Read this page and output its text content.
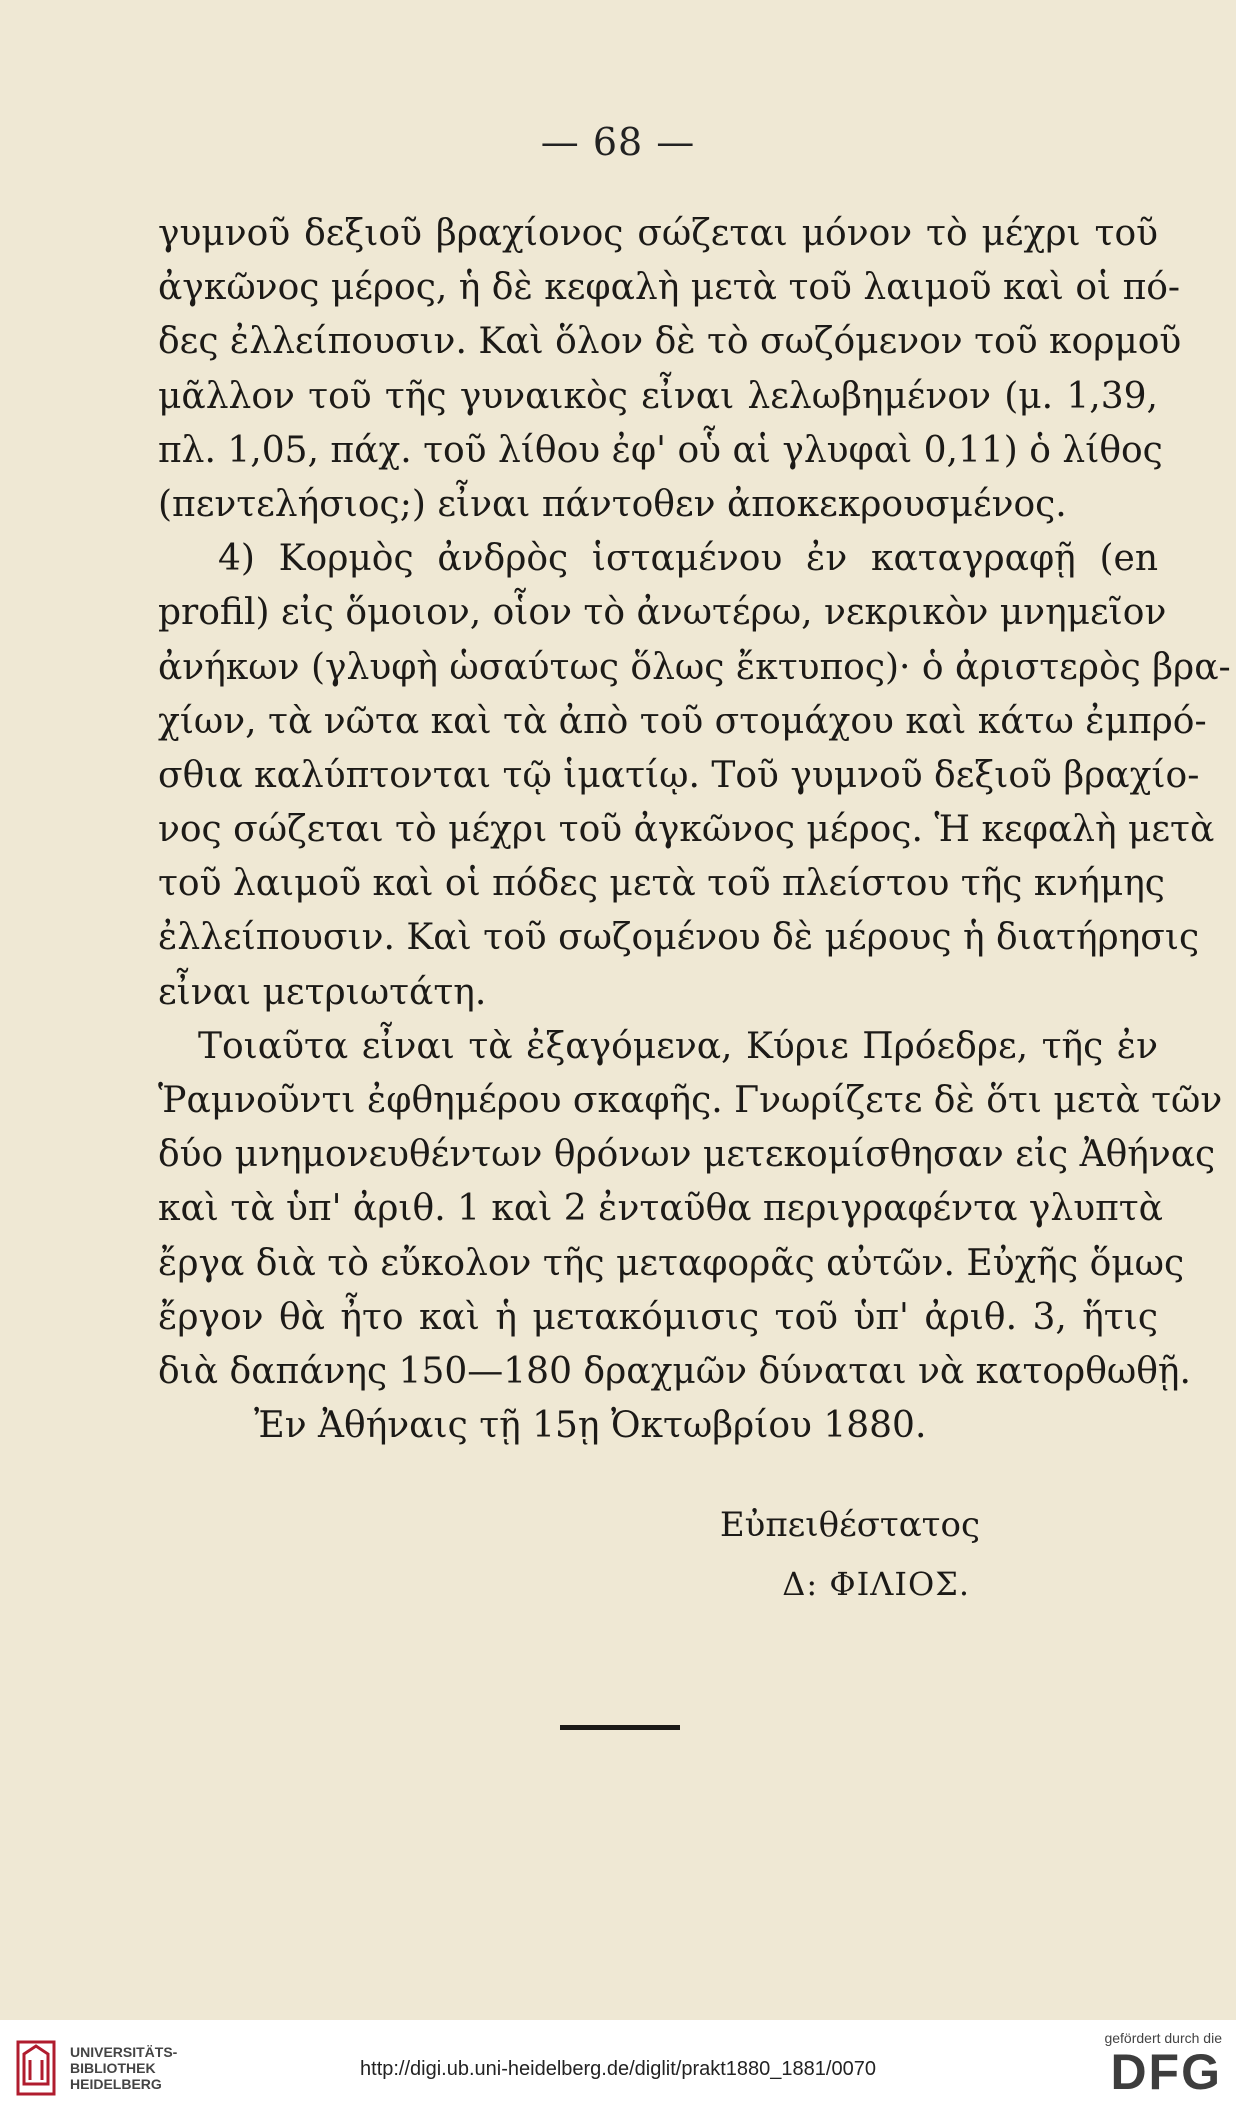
— 68 —
γυμνοῦ δεξιοῦ βραχίονος σώζεται μόνον τὸ μέχρι τοῦ
ἀγκῶνος μέρος, ἡ δὲ κεφαλὴ μετὰ τοῦ λαιμοῦ καὶ οἱ πό-
δες ἐλλείπουσιν. Καὶ ὅλον δὲ τὸ σωζόμενον τοῦ κορμοῦ
μᾶλλον τοῦ τῆς γυναικὸς εἶναι λελωβημένον (μ. 1,39,
πλ. 1,05, πάχ. τοῦ λίθου ἐφ' οὗ αἱ γλυφαὶ 0,11) ὁ λίθος
(πεντελήσιος;) εἶναι πάντοθεν ἀποκεκρουσμένος.
4) Κορμὸς ἀνδρὸς ἱσταμένου ἐν καταγραφῇ (en
profil) εἰς ὅμοιον, οἷον τὸ ἀνωτέρω, νεκρικὸν μνημεῖον
ἀνήκων (γλυφὴ ὡσαύτως ὅλως ἔκτυπος)· ὁ ἀριστερὸς βρα-
χίων, τὰ νῶτα καὶ τὰ ἀπὸ τοῦ στομάχου καὶ κάτω ἐμπρό-
σθια καλύπτονται τῷ ἱματίῳ. Τοῦ γυμνοῦ δεξιοῦ βραχίο-
νος σώζεται τὸ μέχρι τοῦ ἀγκῶνος μέρος. Ἡ κεφαλὴ μετὰ
τοῦ λαιμοῦ καὶ οἱ πόδες μετὰ τοῦ πλείστου τῆς κνήμης
ἐλλείπουσιν. Καὶ τοῦ σωζομένου δὲ μέρους ἡ διατήρησις
εἶναι μετριωτάτη.
Τοιαῦτα εἶναι τὰ ἐξαγόμενα, Κύριε Πρόεδρε, τῆς ἐν
Ῥαμνοῦντι ἐφθημέρου σκαφῆς. Γνωρίζετε δὲ ὅτι μετὰ τῶν
δύο μνημονευθέντων θρόνων μετεκομίσθησαν εἰς Ἀθήνας
καὶ τὰ ὑπ' ἀριθ. 1 καὶ 2 ἐνταῦθα περιγραφέντα γλυπτὰ
ἔργα διὰ τὸ εὔκολον τῆς μεταφορᾶς αὐτῶν. Εὐχῆς ὅμως
ἔργον θὰ ἦτο καὶ ἡ μετακόμισις τοῦ ὑπ' ἀριθ. 3, ἥτις
διὰ δαπάνης 150—180 δραχμῶν δύναται νὰ κατορθωθῇ.
Ἐν Ἀθήναις τῇ 15ῃ Ὀκτωβρίου 1880.
Εὐπειθέστατος
Δ: ΦΙΛΙΟΣ.
UNIVERSITÄTS-
BIBLIOTHEK
HEIDELBERG
http://digi.ub.uni-heidelberg.de/diglit/prakt1880_1881/0070
gefördert durch die
DFG
